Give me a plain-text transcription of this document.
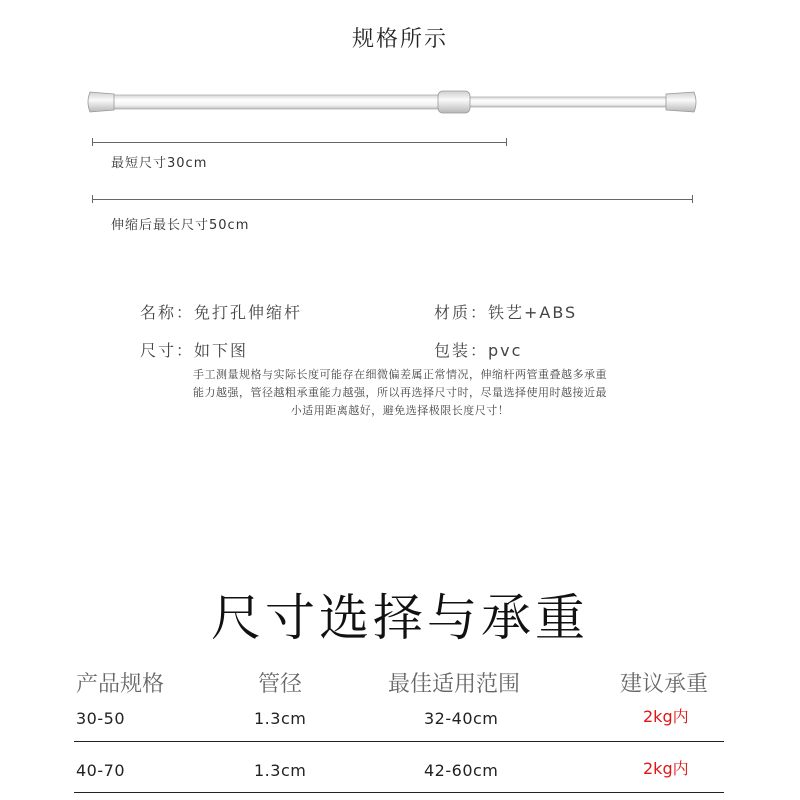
规格所示
最短尺寸30cm
伸缩后最长尺寸50cm
名称：免打孔伸缩杆	材质：铁艺+ABS
尺寸：如下图	包装：pvc
手工测量规格与实际长度可能存在细微偏差属正常情况，伸缩杆两管重叠越多承重
能力越强，管径越粗承重能力越强，所以再选择尺寸时，尽量选择使用时越接近最
小适用距离越好，避免选择极限长度尺寸！
尺寸选择与承重
产品规格	管径	最佳适用范围	建议承重
30-50	1.3cm	32-40cm	2kg内
40-70	1.3cm	42-60cm	2kg内
